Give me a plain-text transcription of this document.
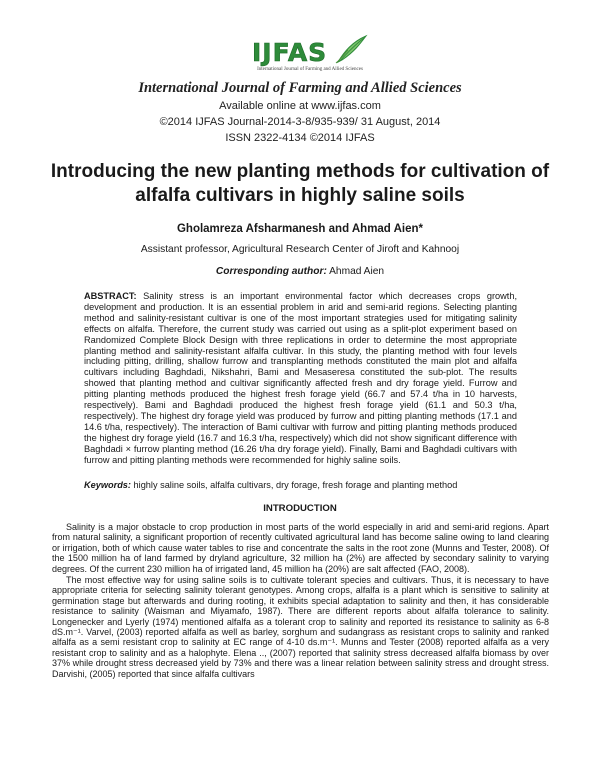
IJFAS
International Journal of Farming and Allied Sciences
International Journal of Farming and Allied Sciences
Available online at www.ijfas.com
©2014 IJFAS Journal-2014-3-8/935-939/ 31 August, 2014
ISSN 2322-4134 ©2014 IJFAS
Introducing the new planting methods for cultivation of alfalfa cultivars in highly saline soils
Gholamreza Afsharmanesh and Ahmad Aien*
Assistant professor, Agricultural Research Center of Jiroft and Kahnooj
Corresponding author: Ahmad Aien
ABSTRACT: Salinity stress is an important environmental factor which decreases crops growth, development and production. It is an essential problem in arid and semi-arid regions. Selecting planting method and salinity-resistant cultivar is one of the most important strategies used for mitigating salinity effects on alfalfa. Therefore, the current study was carried out using as a split-plot experiment based on Randomized Complete Block Design with three replications in order to determine the most appropriate planting method and salinity-resistant alfalfa cultivar. In this study, the planting method with four levels including pitting, drilling, shallow furrow and transplanting methods constituted the main plot and alfalfa cultivars including Baghdadi, Nikshahri, Bami and Mesaseresa constituted the sub-plot. The results showed that planting method and cultivar significantly affected fresh and dry forage yield. Furrow and pitting planting methods produced the highest fresh forage yield (66.7 and 57.4 t/ha in 10 harvests, respectively). Bami and Baghdadi produced the highest fresh forage yield (61.1 and 50.3 t/ha, respectively). The highest dry forage yield was produced by furrow and pitting planting methods (17.1 and 14.6 t/ha, respectively). The interaction of Bami cultivar with furrow and pitting planting methods produced the highest dry forage yield (16.7 and 16.3 t/ha, respectively) which did not show significant difference with Baghdadi × furrow planting method (16.26 t/ha dry forage yield). Finally, Bami and Baghdadi cultivars with furrow and pitting planting methods were recommended for highly saline soils.
Keywords: highly saline soils, alfalfa cultivars, dry forage, fresh forage and planting method
INTRODUCTION

Salinity is a major obstacle to crop production in most parts of the world especially in arid and semi-arid regions. Apart from natural salinity, a significant proportion of recently cultivated agricultural land has become saline owing to land clearing or irrigation, both of which cause water tables to rise and concentrate the salts in the root zone (Munns and Tester, 2008). Of the 1500 million ha of land farmed by dryland agriculture, 32 million ha (2%) are affected by secondary salinity to varying degrees. Of the current 230 million ha of irrigated land, 45 million ha (20%) are salt affected (FAO, 2008).

The most effective way for using saline soils is to cultivate tolerant species and cultivars. Thus, it is necessary to have appropriate criteria for selecting salinity tolerant genotypes. Among crops, alfalfa is a plant which is sensitive to salinity at germination stage but afterwards and during rooting, it exhibits special adaptation to salinity and then, it has considerable resistance to salinity (Waisman and Miyamafo, 1987). There are different reports about alfalfa tolerance to salinity. Longenecker and Lyerly (1974) mentioned alfalfa as a tolerant crop to salinity and reported its resistance to salinity as 6-8 dS.m⁻¹. Varvel, (2003) reported alfalfa as well as barley, sorghum and sudangrass as resistant crops to salinity and ranked alfalfa as a semi resistant crop to salinity at EC range of 4-10 ds.m⁻¹. Munns and Tester (2008) reported alfalfa as a very resistant crop to salinity and as a halophyte. Elena .., (2007) reported that salinity stress decreased alfalfa biomass by over 37% while drought stress decreased yield by 73% and there was a linear relation between salinity stress and drought stress. Darvishi, (2005) reported that since alfalfa cultivars
